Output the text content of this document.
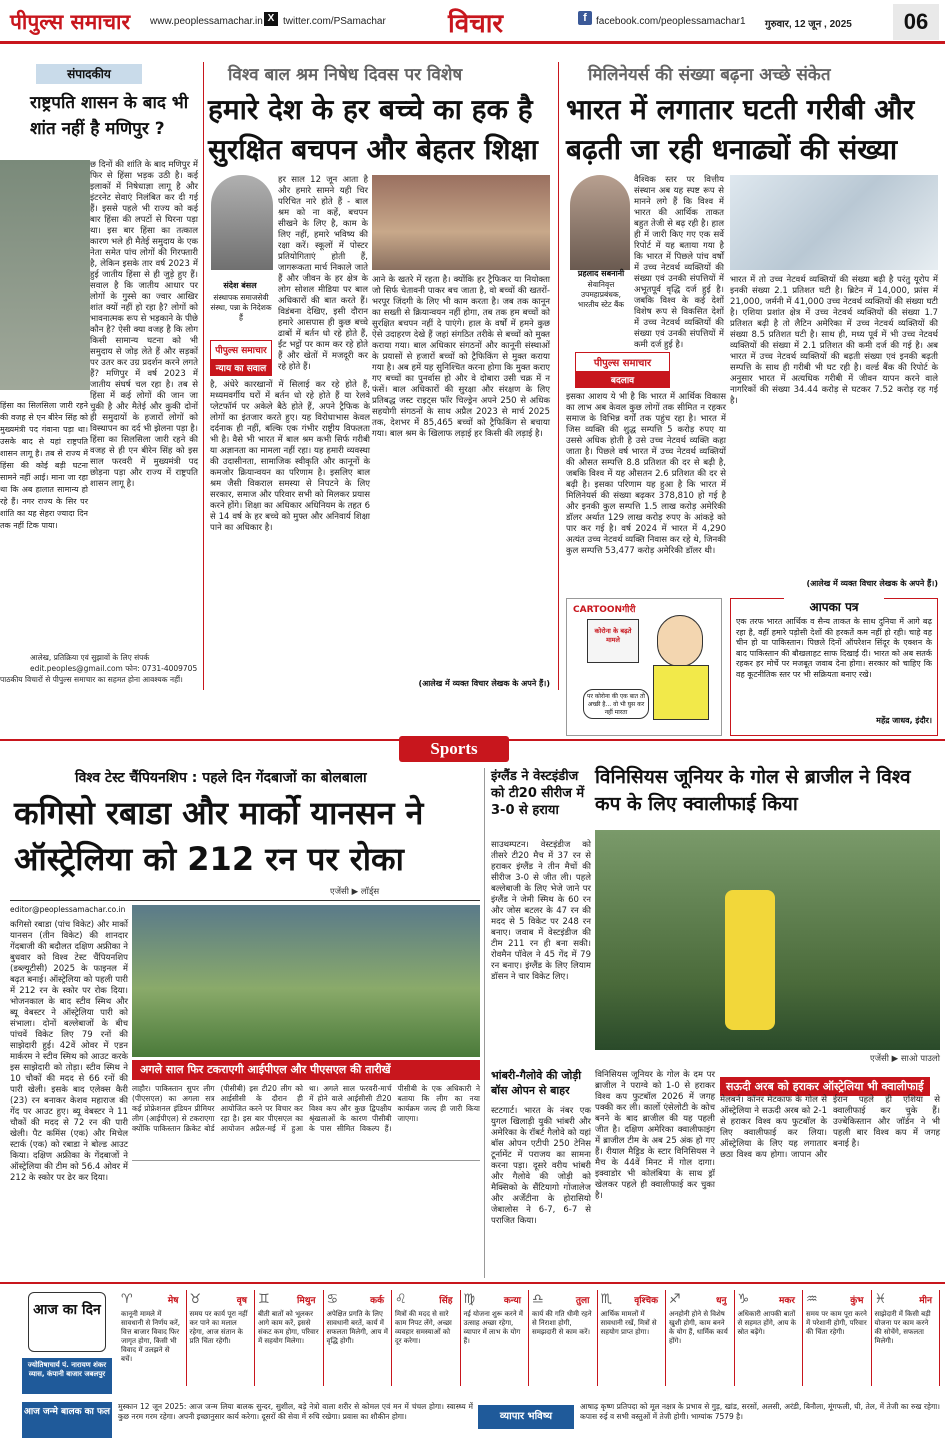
पीपुल्स समाचार www.peoplessamachar.in X twitter.com/PSamachar विचार	f facebook.com/peoplessamachar1 गुरुवार, 12 जून , 2025	06
संपादकीय
राष्ट्रपति शासन के बाद भी शांत नहीं है मणिपुर ?
छ दिनों की शांति के बाद मणिपुर में फिर से हिंसा भड़क उठी है। कई इलाकों में निषेधाज्ञा लागू है और इंटरनेट सेवाएं निलंबित कर दी गई हैं। इससे पहले भी राज्य को कई बार हिंसा की लपटों से घिरना पड़ा था। इस बार हिंसा का तत्काल कारण भले ही मैतेई समुदाय के एक नेता समेत पांच लोगों की गिरफ्तारी है, लेकिन इसके तार वर्ष 2023 में हुई जातीय हिंसा से ही जुड़े हुए हैं। सवाल है कि जातीय आधार पर लोगों के गुस्से का ज्वार आखिर शांत क्यों नहीं हो रहा है? लोगों को भावनात्मक रूप से भड़काने के पीछे कौन है? ऐसी क्या वजह है कि लोग किसी सामान्य घटना को भी समुदाय से जोड़ लेते हैं और सड़कों पर उतर कर उग्र प्रदर्शन करने लगते हैं? मणिपुर में वर्ष 2023 में जातीय संघर्ष चल रहा है। तब से हिंसा में कई लोगों की जान जा चुकी है और मैतेई और कुकी दोनों ही समुदायों के हजारों लोगों को विस्थापन का दर्द भी झेलना पड़ा है। हिंसा का सिलसिला जारी रहने की वजह से ही एन बीरेन सिंह को इस साल फरवरी में मुख्यमंत्री पद छोड़ना पड़ा और राज्य में राष्ट्रपति शासन लागू है।
हिंसा का सिलसिला जारी रहने की वजह से एन बीरेन सिंह को मुख्यमंत्री पद गंवाना पड़ा था। उसके बाद से यहां राष्ट्रपति शासन लागू है। तब से राज्य में हिंसा की कोई बड़ी घटना सामने नहीं आई। माना जा रहा था कि अब हालात सामान्य हो रहे हैं। नगर राज्य के सिर पर शांति का यह सेहरा ज्यादा दिन तक नहीं टिक पाया।
आलेख, प्रतिक्रिया एवं सुझावों के लिए संपर्क
edit.peoples@gmail.com फोन: 0731-4009705
पाठकीय विचारों से पीपुल्स समाचार का सहमत होना आवश्यक नहीं।
विश्व बाल श्रम निषेध दिवस पर विशेष
हमारे देश के हर बच्चे का हक है सुरक्षित बचपन और बेहतर शिक्षा
संदेश बंसल
संस्थापक समाजसेवी संस्था, पन्ना के निदेशक हैं
पीपुल्स समाचार
न्याय का सवाल
हर साल 12 जून आता है और हमारे सामने यही चिर परिचित नारे होते हैं - बाल श्रम को ना कहें, बचपन सीखने के लिए है, काम के लिए नहीं, हमारे भविष्य की रक्षा करें। स्कूलों में पोस्टर प्रतियोगिताएं होती हैं, जागरूकता मार्च निकाले जाते हैं और जीवन के हर क्षेत्र के लोग सोशल मीडिया पर बाल अधिकारों की बात करते हैं। विडंबना देखिए, इसी दौरान हमारे आसपास ही कुछ बच्चे ढाबों में बर्तन धो रहे होते हैं, ईंट भट्ठों पर काम कर रहे होते हैं और खेतों में मजदूरी कर रहे होते हैं।
है, अंधेरे कारखानों में सिलाई कर रहे होते हैं, मध्यमवर्गीय घरों में बर्तन धो रहे होते हैं या रेलवे प्लेटफॉर्म पर अकेले बैठे होते हैं, अपने ट्रैफिक के लोगों का इंतजार करते हुए। यह विरोधाभास केवल दर्दनाक ही नहीं, बल्कि एक गंभीर राष्ट्रीय विफलता भी है। वैसे भी भारत में बाल श्रम कभी सिर्फ गरीबी या अज्ञानता का मामला नहीं रहा। यह हमारी व्यवस्था की उदासीनता, सामाजिक स्वीकृति और कानूनों के कमजोर क्रियान्वयन का परिणाम है। इसलिए बाल श्रम जैसी विकराल समस्या से निपटने के लिए सरकार, समाज और परिवार सभी को मिलकर प्रयास करने होंगे। शिक्षा का अधिकार अधिनियम के तहत 6 से 14 वर्ष के हर बच्चे को मुफ्त और अनिवार्य शिक्षा पाने का अधिकार है।
आने के खतरे में रहता है। क्योंकि हर ट्रैफिकर या नियोक्ता जो सिर्फ चेतावनी पाकर बच जाता है, वो बच्चों की खतरों-भरपूर जिंदगी के लिए भी काम करता है। जब तक कानून का सख्ती से क्रियान्वयन नहीं होगा, तब तक हम बच्चों को सुरक्षित बचपन नहीं दे पाएंगे। हाल के वर्षों में हमने कुछ ऐसे उदाहरण देखे हैं जहां संगठित तरीके से बच्चों को मुक्त कराया गया। बाल अधिकार संगठनों और कानूनी संस्थाओं के प्रयासों से हजारों बच्चों को ट्रैफिकिंग से मुक्त कराया गया है। अब हमें यह सुनिश्चित करना होगा कि मुक्त कराए गए बच्चों का पुनर्वास हो और वे दोबारा उसी चक्र में न फंसें। बाल अधिकारों की सुरक्षा और संरक्षण के लिए प्रतिबद्ध जस्ट राइट्स फॉर चिल्ड्रेन अपने 250 से अधिक सहयोगी संगठनों के साथ अप्रैल 2023 से मार्च 2025 तक, देशभर में 85,465 बच्चों को ट्रैफिकिंग से बचाया गया। बाल श्रम के खिलाफ लड़ाई हर किसी की लड़ाई है।
(आलेख में व्यक्त विचार लेखक के अपने हैं।)
मिलिनेयर्स की संख्या बढ़ना अच्छे संकेत
भारत में लगातार घटती गरीबी और बढ़ती जा रही धनाढ्यों की संख्या
प्रहलाद सबनानी
सेवानिवृत्त उपमहाप्रबंधक, भारतीय स्टेट बैंक
पीपुल्स समाचार
बदलाव
वैश्विक स्तर पर वित्तीय संस्थान अब यह स्पष्ट रूप से मानने लगे हैं कि विश्व में भारत की आर्थिक ताकत बहुत तेजी से बढ़ रही है। हाल ही में जारी किए गए एक सर्वे रिपोर्ट में यह बताया गया है कि भारत में पिछले पांच वर्षों में उच्च नेटवर्थ व्यक्तियों की संख्या एवं उनकी संपत्तियों में अभूतपूर्व वृद्धि दर्ज हुई है। जबकि विश्व के कई देशों विशेष रूप से विकसित देशों में उच्च नेटवर्थ व्यक्तियों की संख्या एवं उनकी संपत्तियों में कमी दर्ज हुई है।
इसका आशय ये भी है कि भारत में आर्थिक विकास का लाभ अब केवल कुछ लोगों तक सीमित न रहकर समाज के विभिन्न वर्गों तक पहुंच रहा है। भारत में जिस व्यक्ति की शुद्ध सम्पत्ति 5 करोड़ रुपए या उससे अधिक होती है उसे उच्च नेटवर्थ व्यक्ति कहा जाता है। पिछले वर्ष भारत में उच्च नेटवर्थ व्यक्तियों की औसत सम्पत्ति 8.8 प्रतिशत की दर से बढ़ी है, जबकि विश्व में यह औसतन 2.6 प्रतिशत की दर से बढ़ी है। इसका परिणाम यह हुआ है कि भारत में मिलिनेयर्स की संख्या बढ़कर 378,810 हो गई है और इनकी कुल सम्पत्ति 1.5 लाख करोड़ अमेरिकी डॉलर अर्थात 129 लाख करोड़ रुपए के आंकड़े को पार कर गई है। वर्ष 2024 में भारत में 4,290 अत्यंत उच्च नेटवर्थ व्यक्ति निवास कर रहे थे, जिनकी कुल सम्पत्ति 53,477 करोड़ अमेरिकी डॉलर थी।
भारत में तो उच्च नेटवर्थ व्यक्तियों की संख्या बढ़ी है परंतु यूरोप में इनकी संख्या 2.1 प्रतिशत घटी है। ब्रिटेन में 14,000, फ्रांस में 21,000, जर्मनी में 41,000 उच्च नेटवर्थ व्यक्तियों की संख्या घटी है। एशिया प्रशांत क्षेत्र में उच्च नेटवर्थ व्यक्तियों की संख्या 1.7 प्रतिशत बढ़ी है तो लैटिन अमेरिका में उच्च नेटवर्थ व्यक्तियों की संख्या 8.5 प्रतिशत घटी है। साथ ही, मध्य पूर्व में भी उच्च नेटवर्थ व्यक्तियों की संख्या में 2.1 प्रतिशत की कमी दर्ज की गई है। अब भारत में उच्च नेटवर्थ व्यक्तियों की बढ़ती संख्या एवं इनकी बढ़ती सम्पत्ति के साथ ही गरीबी भी घट रही है। वर्ल्ड बैंक की रिपोर्ट के अनुसार भारत में अत्यधिक गरीबी में जीवन यापन करने वाले नागरिकों की संख्या 34.44 करोड़ से घटकर 7.52 करोड़ रह गई है।
(आलेख में व्यक्त विचार लेखक के अपने हैं।)
CARTOONगीरी
कोरोना के बढ़ते मामले
पर कोरोना की एक बात तो अच्छी है... वो भी घुस कर नहीं मारता
आपका पत्र
एक तरफ भारत आर्थिक व सैन्य ताकत के साथ दुनिया में आगे बढ़ रहा है, वहीं हमारे पड़ोसी देशों की हरकतें कम नहीं हो रही। चाहे वह चीन हो या पाकिस्तान। पिछले दिनों ऑपरेशन सिंदूर के एक्शन के बाद पाकिस्तान की बौखलाहट साफ दिखाई दी। भारत को अब सतर्क रहकर हर मोर्चे पर मजबूत जवाब देना होगा। सरकार को चाहिए कि वह कूटनीतिक स्तर पर भी सक्रियता बनाए रखे।
महेंद्र जाधव, इंदौर।
Sports
विश्व टेस्ट चैंपियनशिप : पहले दिन गेंदबाजों का बोलबाला
कगिसो रबाडा और मार्को यानसन ने ऑस्ट्रेलिया को 212 रन पर रोका
एजेंसी ▶ लॉर्ड्स
editor@peoplessamachar.co.in
कगिसो रबाडा (पांच विकेट) और मार्को यानसन (तीन विकेट) की शानदार गेंदबाजी की बदौलत दक्षिण अफ्रीका ने बुधवार को विश्व टेस्ट चैंपियनशिप (डब्ल्यूटीसी) 2025 के फाइनल में बढ़त बनाई। ऑस्ट्रेलिया को पहली पारी में 212 रन के स्कोर पर रोक दिया। भोजनकाल के बाद स्टीव स्मिथ और ब्यू वेबस्टर ने ऑस्ट्रेलिया पारी को संभाला। दोनों बल्लेबाजों के बीच पांचवें विकेट लिए 79 रनों की साझेदारी हुई। 42वें ओवर में एडन मार्करम ने स्टीव स्मिथ को आउट करके इस साझेदारी को तोड़ा। स्टीव स्मिथ ने 10 चौकों की मदद से 66 रनों की पारी खेली। इसके बाद एलेक्स कैरी (23) रन बनाकर केशव महाराज की गेंद पर आउट हुए। ब्यू वेबस्टर ने 11 चौकों की मदद से 72 रन की पारी खेली। पैट कमिंस (एक) और मिचेल स्टार्क (एक) को रबाडा ने बोल्ड आउट किया। दक्षिण अफ्रीका के गेंदबाजों ने ऑस्ट्रेलिया की टीम को 56.4 ओवर में 212 के स्कोर पर ढेर कर दिया।
अगले साल फिर टकराएगी आईपीएल और पीएसएल की तारीखें
लाहौर। पाकिस्तान सुपर लीग (पीएसएल) का अगला सत्र कई प्रोफ्रेशनल इंडियन प्रीमियर लीग (आईपीएल) से टकराएगा क्योंकि पाकिस्तान क्रिकेट बोर्ड (पीसीबी) इस टी20 लीग को आईसीसी के दौरान ही आयोजित करने पर विचार कर रहा है। इस बार पीएसएल का आयोजन अप्रैल-मई में हुआ था। अगले साल फरवरी-मार्च में होने वाले आईसीसी टी20 विश्व कप और कुछ द्विपक्षीय श्रृंखलाओं के कारण पीसीबी के पास सीमित विकल्प हैं। पीसीबी के एक अधिकारी ने बताया कि लीग का नया कार्यक्रम जल्द ही जारी किया जाएगा।
इंग्लैंड ने वेस्टइंडीज को टी20 सीरीज में 3-0 से हराया
साउथम्पटन। वेस्टइंडीज को तीसरे टी20 मैच में 37 रन से हराकर इंग्लैंड ने तीन मैचों की सीरीज 3-0 से जीत ली। पहले बल्लेबाजी के लिए भेजे जाने पर इंग्लैंड ने जेमी स्मिथ के 60 रन और जोस बटलर के 47 रन की मदद से 5 विकेट पर 248 रन बनाए। जवाब में वेस्टइंडीज की टीम 211 रन ही बना सकी। रोवमैन पॉवेल ने 45 गेंद में 79 रन बनाए। इंग्लैंड के लिए लियाम डॉसन ने चार विकेट लिए।
भांबरी-गैलोवे की जोड़ी बॉस ओपन से बाहर
स्टटगार्ट। भारत के नंबर एक युगल खिलाड़ी युकी भांबरी और अमेरिका के रॉबर्ट गैलोवे को यहां बॉस ओपन एटीपी 250 टेनिस टूर्नामेंट में पराजय का सामना करना पड़ा। दूसरे वरीय भांबरी और गैलोवे की जोड़ी को मैक्सिको के सैंटियागो गोंजालेज और अर्जेंटीना के होरासियो जेबालोस ने 6-7, 6-7 से पराजित किया।
विनिसियस जूनियर के गोल से ब्राजील ने विश्व कप के लिए क्वालीफाई किया
एजेंसी ▶ साओ पाउलो
विनिसियस जूनियर के गोल के दम पर ब्राजील ने पराग्वे को 1-0 से हराकर विश्व कप फुटबॉल 2026 में जगह पक्की कर ली। कार्लो एंसेलोटी के कोच बनने के बाद ब्राजील की यह पहली जीत है। दक्षिण अमेरिका क्वालीफाइंग में ब्राजील टीम के अब 25 अंक हो गए हैं। रीयाल मैड्रिड के स्टार विनिसियस ने मैच के 44वें मिनट में गोल दागा। इक्वाडोर भी कोलंबिया के साथ ड्रॉ खेलकर पहले ही क्वालीफाई कर चुका है।
सऊदी अरब को हराकर ऑस्ट्रेलिया भी क्वालीफाई
मेलबर्न। कॉनर मेटकाफ के गोल से ऑस्ट्रेलिया ने सऊदी अरब को 2-1 से हराकर विश्व कप फुटबॉल के लिए क्वालीफाई कर लिया। ऑस्ट्रेलिया के लिए यह लगातार छठा विश्व कप होगा। जापान और ईरान पहले ही एशिया से क्वालीफाई कर चुके हैं। उज्बेकिस्तान और जॉर्डन ने भी पहली बार विश्व कप में जगह बनाई है।
आज का दिन
ज्योतिषाचार्य पं. नारायण शंकर व्यास, कंपानी बाजार जबलपुर
♈	मेष
कानूनी मामले में सावधानी से निर्णय करें, वित्त बाजार विवाद फिर जागृत होगा, किसी भी विवाद में उलझने से बचें।
♉	वृष
समय पर कार्य पूरा नहीं कर पाने का मलाल रहेगा, आज संतान के प्रति चिंता रहेगी।
♊	मिथुन
बीती बातों को भूलकर आगे काम करें, इससे संकट कम होगा, परिवार में सहयोग मिलेगा।
♋	कर्क
अपेक्षित प्रगति के लिए सावधानी बरतें, कार्य में सफलता मिलेगी, आय में वृद्धि होगी।
♌	सिंह
मित्रों की मदद से सारे काम निपट लेंगे, अच्छा व्यवहार समस्याओं को दूर करेगा।
♍	कन्या
नई योजना शुरू करने में उत्साह अच्छा रहेगा, व्यापार में लाभ के योग हैं।
♎	तुला
कार्य की गति धीमी रहने से निराशा होगी, समझदारी से काम करें।
♏ वृश्चिक
आर्थिक मामलों में सावधानी रखें, मित्रों से सहयोग प्राप्त होगा।
♐	धनु
अनहोनी होने से विशेष खुशी होगी, काम बनने के योग हैं, धार्मिक कार्य होंगे।
♑	मकर
अधिकारी आपकी बातों से सहमत होंगे, आय के स्रोत बढ़ेंगे।
♒	कुंभ
समय पर काम पूरा करने में परेशानी होगी, परिवार की चिंता रहेगी।
♓	मीन
साझेदारी में किसी बड़ी योजना पर काम करने की सोचेंगे, सफलता मिलेगी।
आज जन्मे बालक का फल
मुस्कान 12 जून 2025: आज जन्म लिया बालक सुन्दर, सुशील, बड़े नेत्रो वाला शरीर से कोमल एवं मन में चंचल होगा। स्वास्थ्य में कुछ नरम गरम रहेगा। अपनी इच्छानुसार कार्य करेगा। दूसरों की सेवा में रुचि रखेगा। प्रवास का शौकीन होगा।	व्यापार भविष्य
आषाढ़ कृष्ण प्रतिपदा को मूल नक्षत्र के प्रभाव से गुड़, खांड, सरसों, अलसी, अरंडी, बिनौला, मूंगफली, घी, तेल, में तेजी का रुख रहेगा। कपास रुई व सभी वस्तुओं में तेजी होगी। भाग्यांक 7579 है।
